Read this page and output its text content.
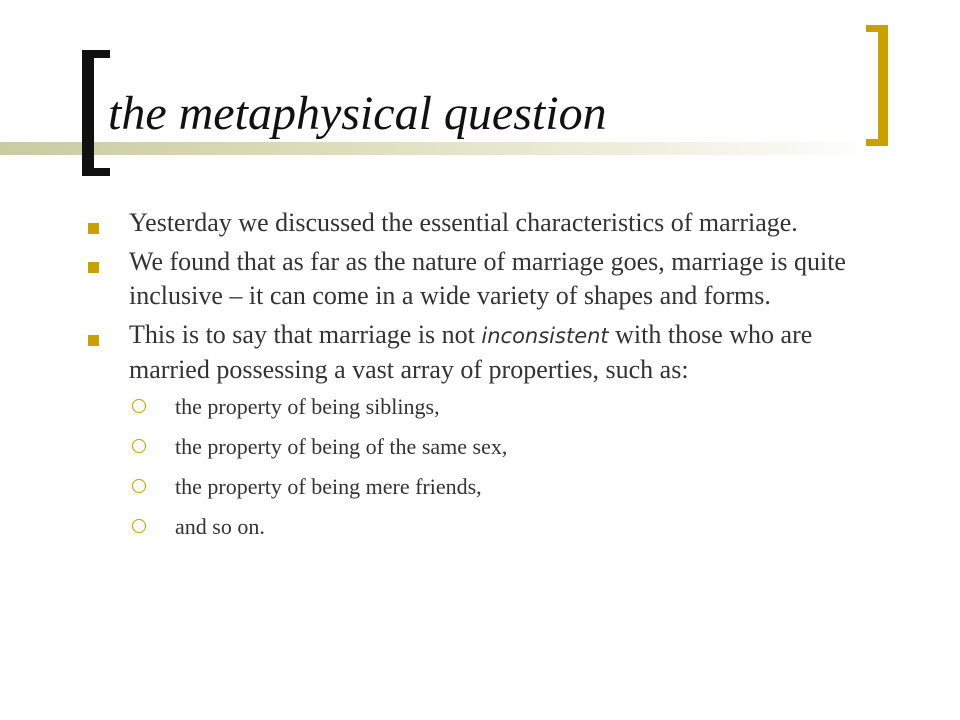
the metaphysical question
Yesterday we discussed the essential characteristics of marriage.
We found that as far as the nature of marriage goes, marriage is quite inclusive – it can come in a wide variety of shapes and forms.
This is to say that marriage is not inconsistent with those who are married possessing a vast array of properties, such as:
the property of being siblings,
the property of being of the same sex,
the property of being mere friends,
and so on.
